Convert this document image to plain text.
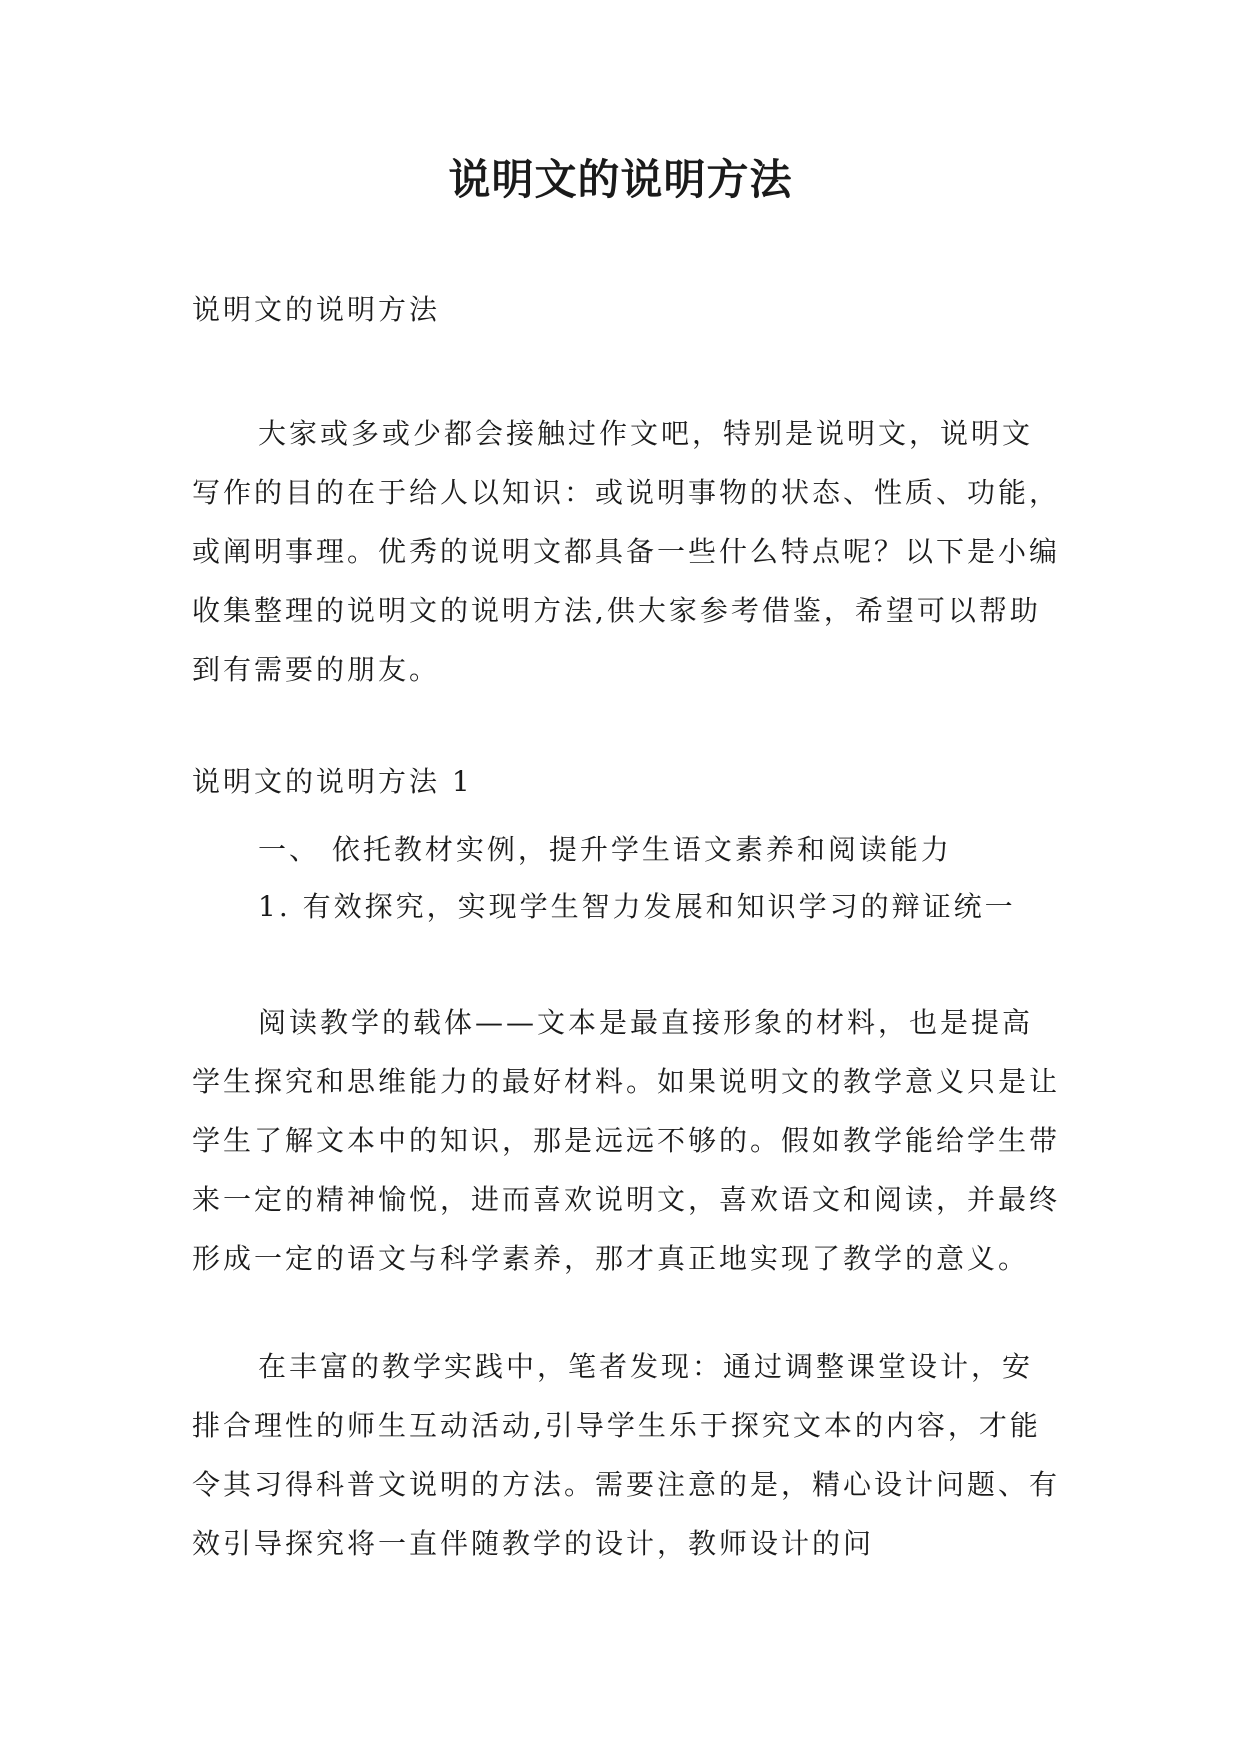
说明文的说明方法

说明文的说明方法

大家或多或少都会接触过作文吧，特别是说明文，说明文写作的目的在于给人以知识：或说明事物的状态、性质、功能，或阐明事理。优秀的说明文都具备一些什么特点呢？以下是小编收集整理的说明文的说明方法,供大家参考借鉴，希望可以帮助到有需要的朋友。

说明文的说明方法 1

一、 依托教材实例，提升学生语文素养和阅读能力

1. 有效探究，实现学生智力发展和知识学习的辩证统一

阅读教学的载体——文本是最直接形象的材料，也是提高学生探究和思维能力的最好材料。如果说明文的教学意义只是让学生了解文本中的知识，那是远远不够的。假如教学能给学生带来一定的精神愉悦，进而喜欢说明文，喜欢语文和阅读，并最终形成一定的语文与科学素养，那才真正地实现了教学的意义。

在丰富的教学实践中，笔者发现：通过调整课堂设计，安排合理性的师生互动活动,引导学生乐于探究文本的内容，才能令其习得科普文说明的方法。需要注意的是，精心设计问题、有效引导探究将一直伴随教学的设计，教师设计的问
